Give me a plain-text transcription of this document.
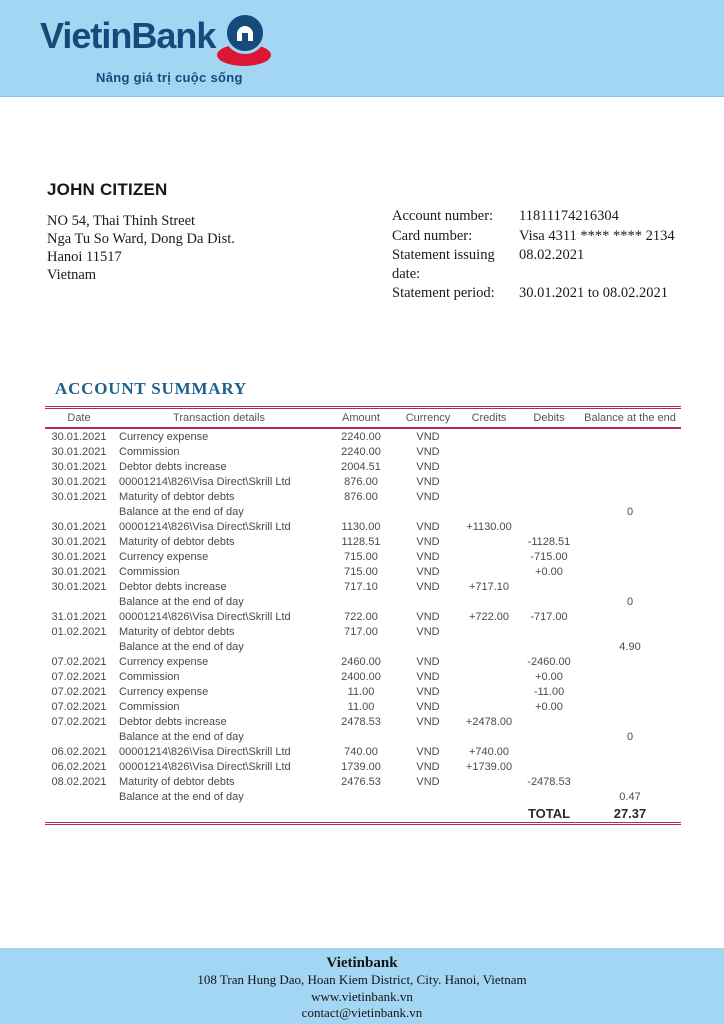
VietinBank
Nâng giá trị cuộc sống
JOHN CITIZEN
NO 54, Thai Thinh Street
Nga Tu So Ward, Dong Da Dist.
Hanoi 11517
Vietnam
Account number:	11811174216304
Card number:	Visa 4311 **** **** 2134
Statement issuing date:
08.02.2021
Statement period:	30.01.2021 to 08.02.2021
ACCOUNT SUMMARY
Date	Transaction details	Amount	Currency	Credits	Debits	Balance at the end
30.01.2021	Currency expense	2240.00	VND			
30.01.2021	Commission	2240.00	VND			
30.01.2021	Debtor debts increase	2004.51	VND			
30.01.2021	00001214\826\Visa Direct\Skrill Ltd	876.00	VND			
30.01.2021	Maturity of debtor debts	876.00	VND			
	Balance at the end of day					0
30.01.2021	00001214\826\Visa Direct\Skrill Ltd	1130.00	VND	+1130.00		
30.01.2021	Maturity of debtor debts	1128.51	VND		-1128.51	
30.01.2021	Currency expense	715.00	VND		-715.00	
30.01.2021	Commission	715.00	VND		+0.00	
30.01.2021	Debtor debts increase	717.10	VND	+717.10		
	Balance at the end of day					0
31.01.2021	00001214\826\Visa Direct\Skrill Ltd	722.00	VND	+722.00	-717.00	
01.02.2021	Maturity of debtor debts	717.00	VND			
	Balance at the end of day					4.90
07.02.2021	Currency expense	2460.00	VND		-2460.00	
07.02.2021	Commission	2400.00	VND		+0.00	
07.02.2021	Currency expense	11.00	VND		-11.00	
07.02.2021	Commission	11.00	VND		+0.00	
07.02.2021	Debtor debts increase	2478.53	VND	+2478.00		
	Balance at the end of day					0
06.02.2021	00001214\826\Visa Direct\Skrill Ltd	740.00	VND	+740.00		
06.02.2021	00001214\826\Visa Direct\Skrill Ltd	1739.00	VND	+1739.00		
08.02.2021	Maturity of debtor debts	2476.53	VND		-2478.53	
	Balance at the end of day					0.47
					TOTAL	27.37
Vietinbank
108 Tran Hung Dao, Hoan Kiem District, City. Hanoi, Vietnam
www.vietinbank.vn
contact@vietinbank.vn
